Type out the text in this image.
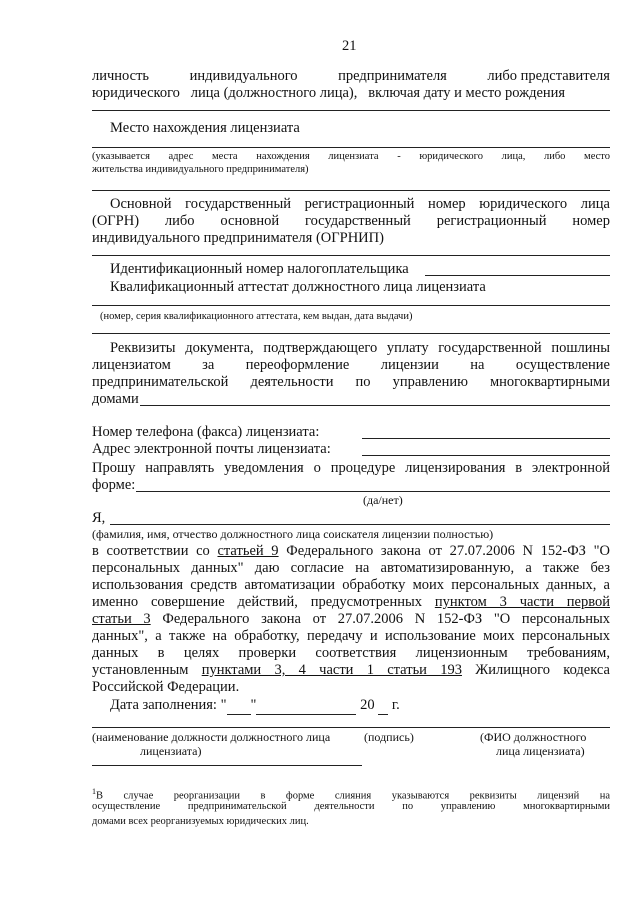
21
личность	индивидуального	предпринимателя	либо представителя
юридического   лица (должностного лица),   включая дату и место рождения
Место нахождения лицензиата
(указывается адрес места нахождения лицензиата - юридического лица, либо место
жительства индивидуального предпринимателя)
Основной государственный регистрационный номер юридического лица
(ОГРН) либо основной государственный регистрационный номер
индивидуального предпринимателя (ОГРНИП)
Идентификационный номер налогоплательщика
Квалификационный аттестат должностного лица лицензиата
(номер, серия квалификационного аттестата, кем выдан, дата выдачи)
Реквизиты документа, подтверждающего уплату государственной пошлины
лицензиатом за переоформление лицензии на осуществление
предпринимательской деятельности по управлению многоквартирными
домами
Номер телефона (факса) лицензиата:
Адрес электронной почты лицензиата:
Прошу направлять уведомления о процедуре лицензирования в электронной
форме:
(да/нет)
Я,
(фамилия, имя, отчество должностного лица соискателя лицензии полностью)
в соответствии со статьей 9 Федерального закона от 27.07.2006 N 152-ФЗ "О
персональных данных" даю согласие на автоматизированную, а также без
использования средств автоматизации обработку моих персональных данных, а
именно совершение действий, предусмотренных пунктом 3 части первой
статьи 3 Федерального закона от 27.07.2006 N 152-ФЗ "О персональных
данных", а также на обработку, передачу и использование моих персональных
данных в целях проверки соответствия лицензионным требованиям,
установленным пунктами 3, 4 части 1 статьи 193 Жилищного кодекса
Российской Федерации.
Дата заполнения: " "	20 г.
(наименование должности должностного лица
лицензиата)
(подпись)	(ФИО должностного
лица лицензиата)
$^1$В случае реорганизации в форме слияния указываются реквизиты лицензий на
осуществление предпринимательской деятельности по управлению многоквартирными
домами всех реорганизуемых юридических лиц.
